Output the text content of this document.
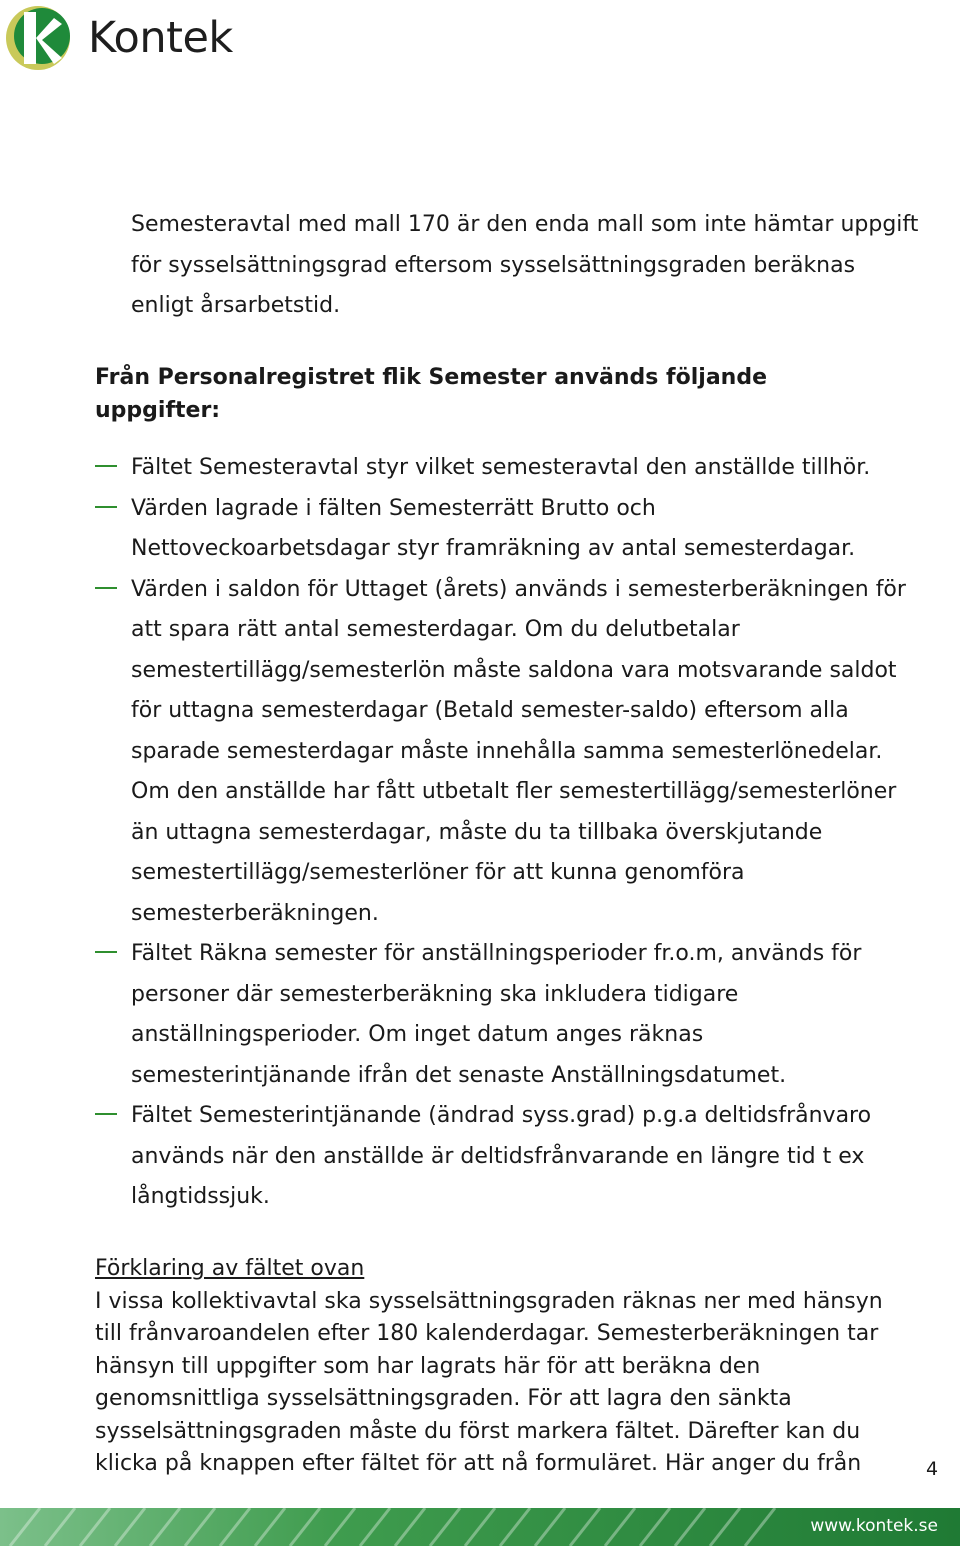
Kontek

Semesteravtal med mall 170 är den enda mall som inte hämtar uppgift för sysselsättningsgrad eftersom sysselsättningsgraden beräknas enligt årsarbetstid.

Från Personalregistret flik Semester används följande uppgifter:

Fältet Semesteravtal styr vilket semesteravtal den anställde tillhör.
Värden lagrade i fälten Semesterrätt Brutto och Nettoveckoarbetsdagar styr framräkning av antal semesterdagar.
Värden i saldon för Uttaget (årets) används i semesterberäkningen för att spara rätt antal semesterdagar. Om du delutbetalar semestertillägg/semesterlön måste saldona vara motsvarande saldot för uttagna semesterdagar (Betald semester-saldo) eftersom alla sparade semesterdagar måste innehålla samma semesterlönedelar. Om den anställde har fått utbetalt fler semestertillägg/semesterlöner än uttagna semesterdagar, måste du ta tillbaka överskjutande semestertillägg/semesterlöner för att kunna genomföra semesterberäkningen.
Fältet Räkna semester för anställningsperioder fr.o.m, används för personer där semesterberäkning ska inkludera tidigare anställningsperioder. Om inget datum anges räknas semesterintjänande ifrån det senaste Anställningsdatumet.
Fältet Semesterintjänande (ändrad syss.grad) p.g.a deltidsfrånvaro används när den anställde är deltidsfrånvarande en längre tid t ex långtidssjuk.

Förklaring av fältet ovan

I vissa kollektivavtal ska sysselsättningsgraden räknas ner med hänsyn till frånvaroandelen efter 180 kalenderdagar. Semesterberäkningen tar hänsyn till uppgifter som har lagrats här för att beräkna den genomsnittliga sysselsättningsgraden. För att lagra den sänkta sysselsättningsgraden måste du först markera fältet. Därefter kan du klicka på knappen efter fältet för att nå formuläret. Här anger du från	4
www.kontek.se
